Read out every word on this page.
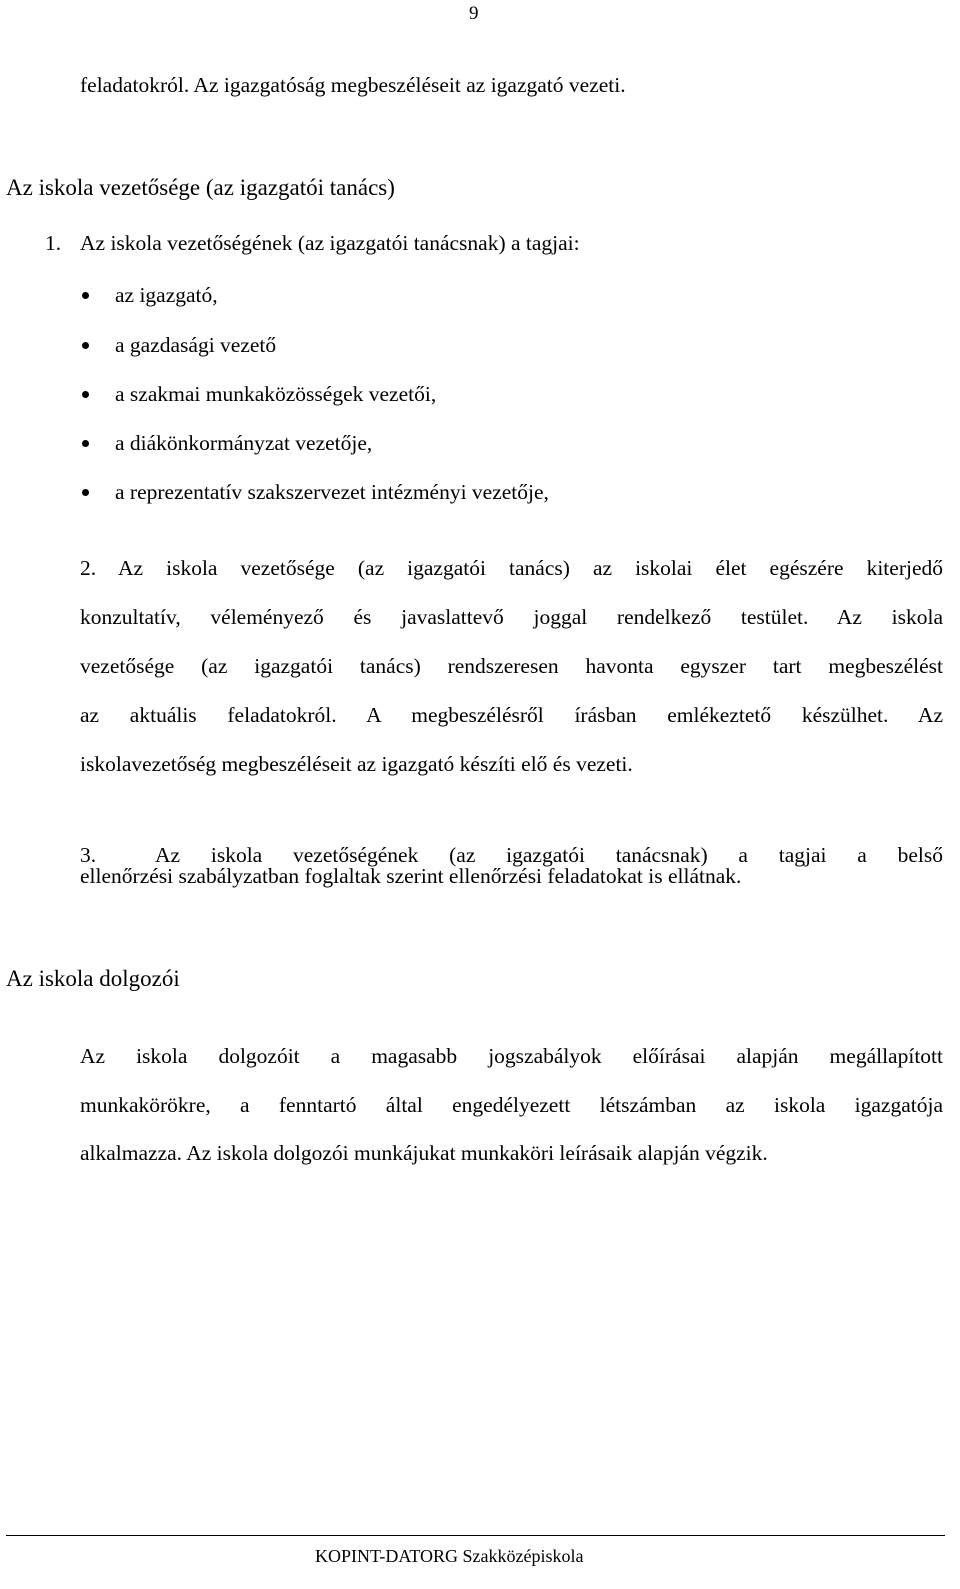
9
feladatokról. Az igazgatóság megbeszéléseit az igazgató vezeti.
Az iskola vezetősége (az igazgatói tanács)
1. Az iskola vezetőségének (az igazgatói tanácsnak) a tagjai:
az igazgató,
a gazdasági vezető
a szakmai munkaközösségek vezetői,
a diákönkormányzat vezetője,
a reprezentatív szakszervezet intézményi vezetője,
2. Az iskola vezetősége (az igazgatói tanács) az iskolai élet egészére kiterjedő
konzultatív, véleményező és javaslattevő joggal rendelkező testület. Az iskola
vezetősége (az igazgatói tanács) rendszeresen havonta egyszer tart megbeszélést
az aktuális feladatokról. A megbeszélésről írásban emlékeztető készülhet. Az
iskolavezetőség megbeszéléseit az igazgató készíti elő és vezeti.
3.	Az iskola vezetőségének (az igazgatói tanácsnak) a tagjai a belső
ellenőrzési szabályzatban foglaltak szerint ellenőrzési feladatokat is ellátnak.
Az iskola dolgozói
Az iskola dolgozóit a magasabb jogszabályok előírásai alapján megállapított
munkakörökre, a fenntartó által engedélyezett létszámban az iskola igazgatója
alkalmazza. Az iskola dolgozói munkájukat munkaköri leírásaik alapján végzik.
KOPINT-DATORG Szakközépiskola
